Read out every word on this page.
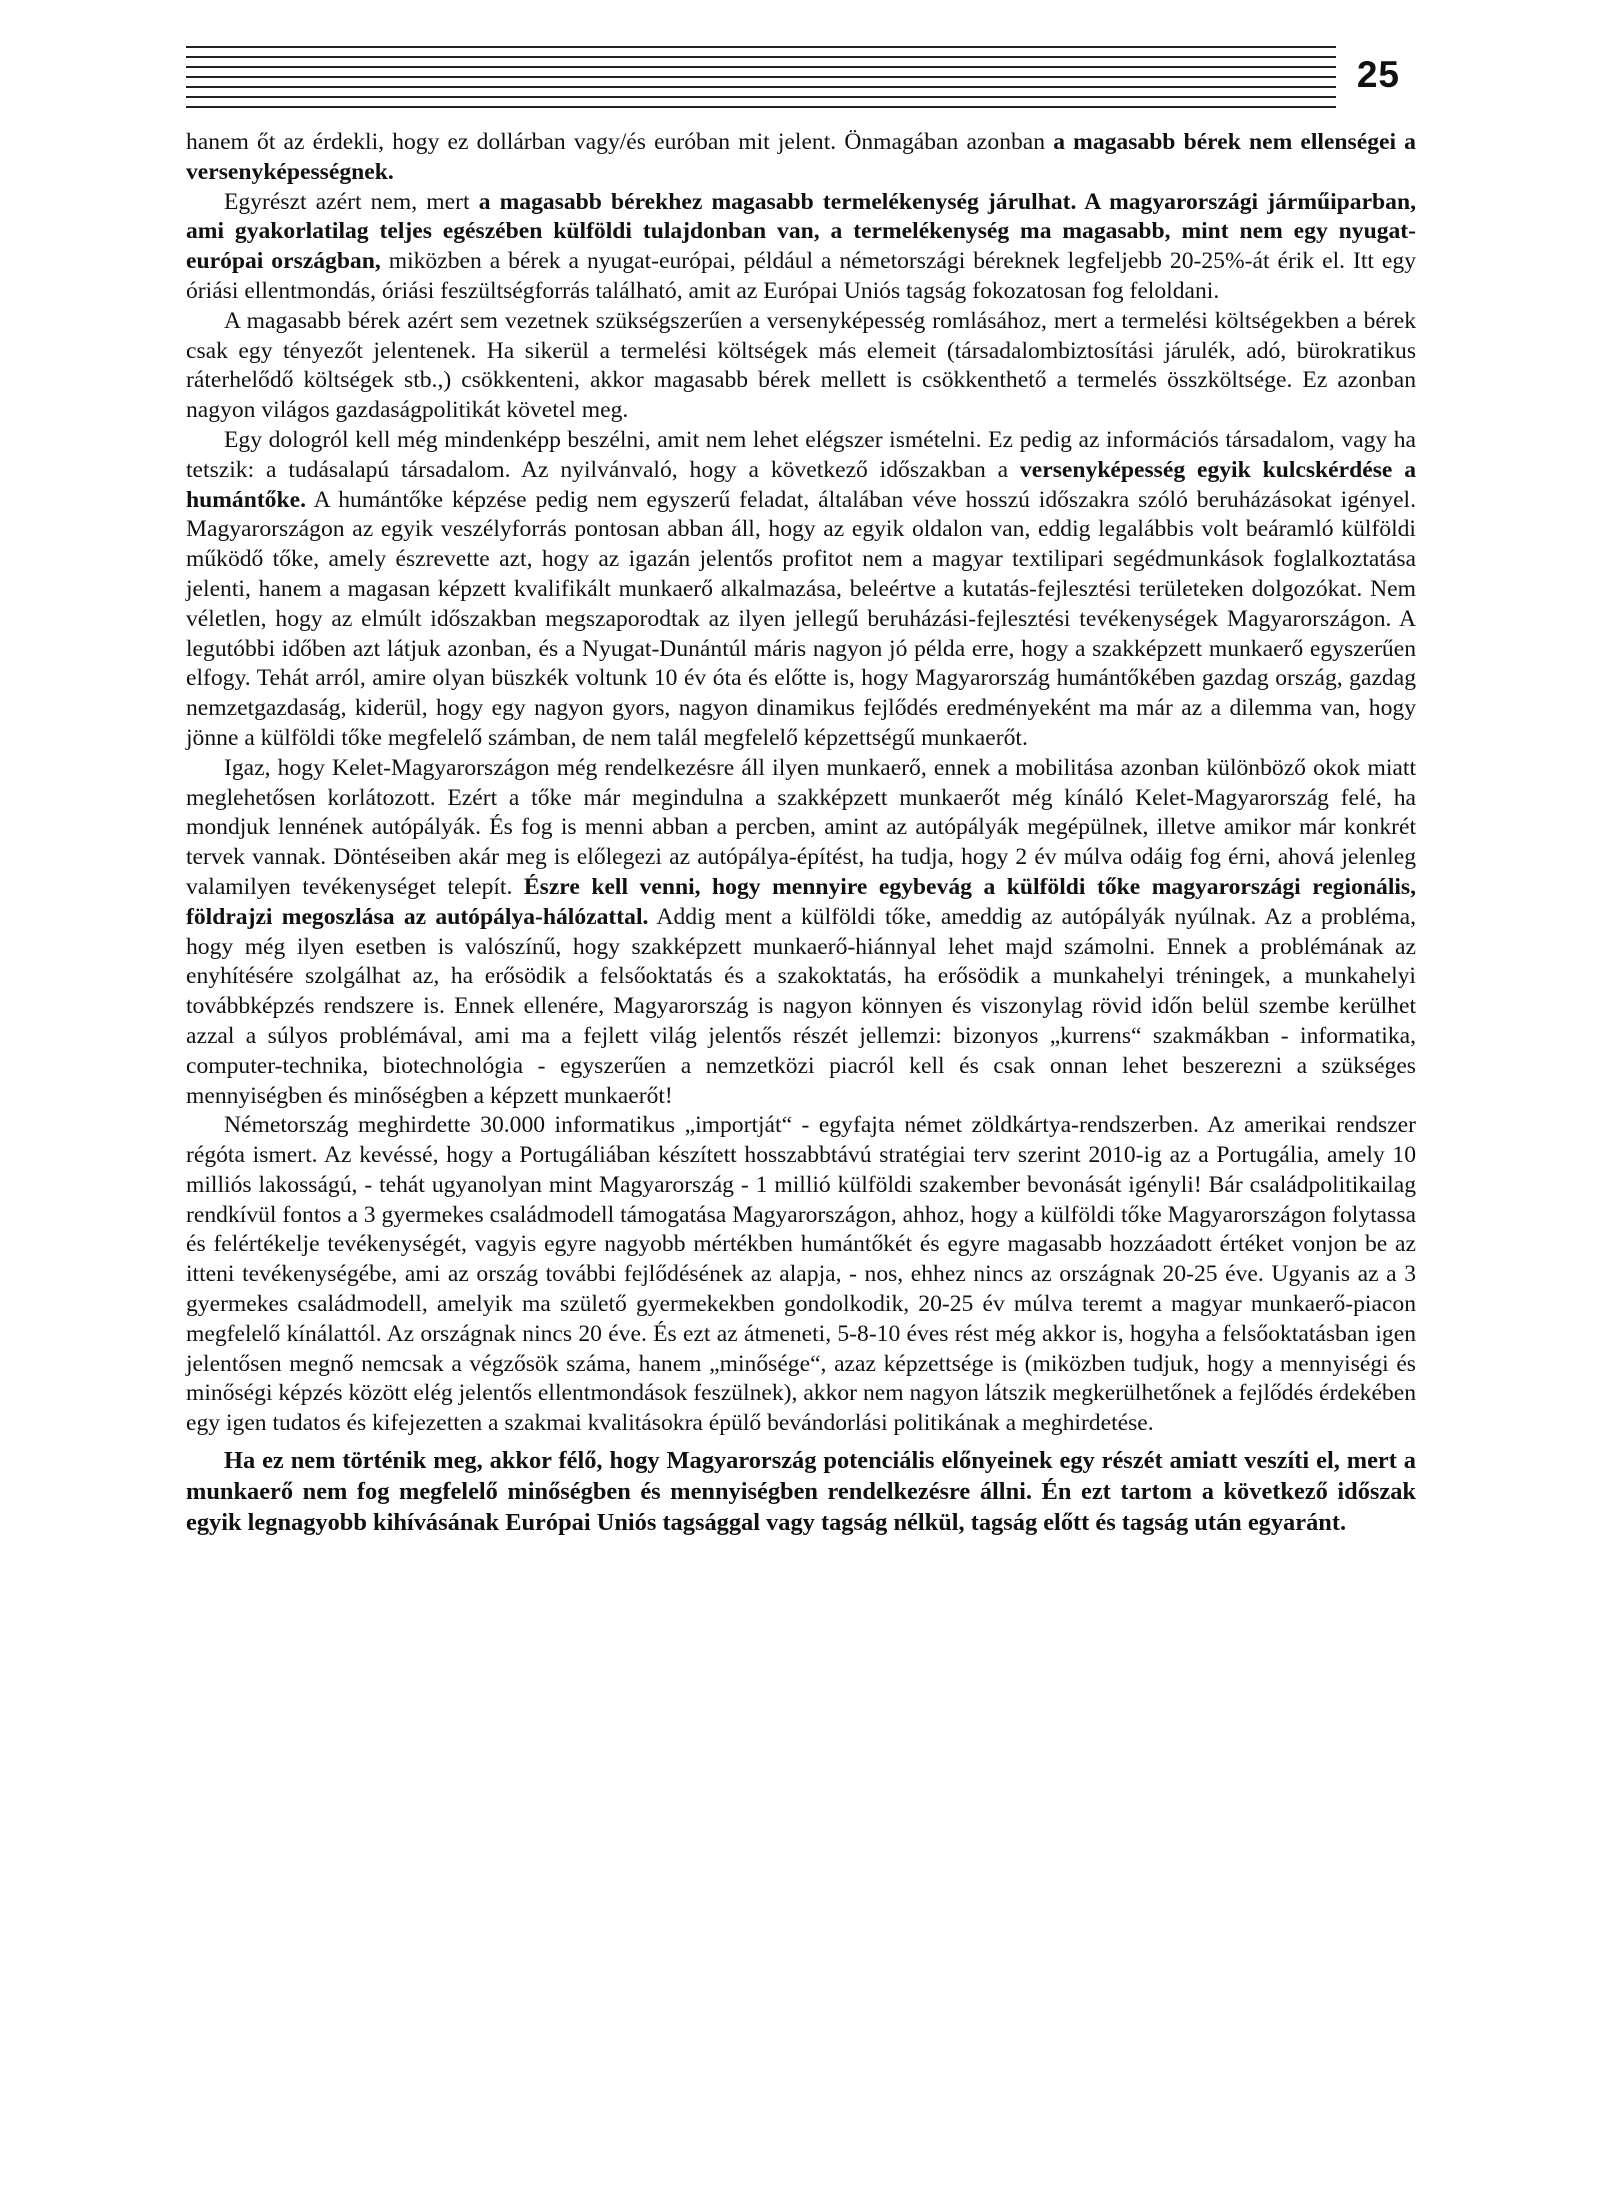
25

hanem őt az érdekli, hogy ez dollárban vagy/és euróban mit jelent. Önmagában azonban a magasabb bérek nem ellenségei a versenyképességnek.

Egyrészt azért nem, mert a magasabb bérekhez magasabb termelékenység járulhat. A magyarországi járműiparban, ami gyakorlatilag teljes egészében külföldi tulajdonban van, a termelékenység ma magasabb, mint nem egy nyugat-európai országban, miközben a bérek a nyugat-európai, például a németországi béreknek legfeljebb 20-25%-át érik el. Itt egy óriási ellentmondás, óriási feszültségforrás található, amit az Európai Uniós tagság fokozatosan fog feloldani.

A magasabb bérek azért sem vezetnek szükségszerűen a versenyképesség romlásához, mert a termelési költségekben a bérek csak egy tényezőt jelentenek. Ha sikerül a termelési költségek más elemeit (társadalombiztosítási járulék, adó, bürokratikus ráterhelődő költségek stb.,) csökkenteni, akkor magasabb bérek mellett is csökkenthető a termelés összköltsége. Ez azonban nagyon világos gazdaságpolitikát követel meg.

Egy dologról kell még mindenképp beszélni, amit nem lehet elégszer ismételni. Ez pedig az információs társadalom, vagy ha tetszik: a tudásalapú társadalom. Az nyilvánvaló, hogy a következő időszakban a versenyképesség egyik kulcskérdése a humántőke. A humántőke képzése pedig nem egyszerű feladat, általában véve hosszú időszakra szóló beruházásokat igényel. Magyarországon az egyik veszélyforrás pontosan abban áll, hogy az egyik oldalon van, eddig legalábbis volt beáramló külföldi működő tőke, amely észrevette azt, hogy az igazán jelentős profitot nem a magyar textilipari segédmunkások foglalkoztatása jelenti, hanem a magasan képzett kvalifikált munkaerő alkalmazása, beleértve a kutatás-fejlesztési területeken dolgozókat. Nem véletlen, hogy az elmúlt időszakban megszaporodtak az ilyen jellegű beruházási-fejlesztési tevékenységek Magyarországon. A legutóbbi időben azt látjuk azonban, és a Nyugat-Dunántúl máris nagyon jó példa erre, hogy a szakképzett munkaerő egyszerűen elfogy. Tehát arról, amire olyan büszkék voltunk 10 év óta és előtte is, hogy Magyarország humántőkében gazdag ország, gazdag nemzetgazdaság, kiderül, hogy egy nagyon gyors, nagyon dinamikus fejlődés eredményeként ma már az a dilemma van, hogy jönne a külföldi tőke megfelelő számban, de nem talál megfelelő képzettségű munkaerőt.

Igaz, hogy Kelet-Magyarországon még rendelkezésre áll ilyen munkaerő, ennek a mobilitása azonban különböző okok miatt meglehetősen korlátozott. Ezért a tőke már megindulna a szakképzett munkaerőt még kínáló Kelet-Magyarország felé, ha mondjuk lennének autópályák. És fog is menni abban a percben, amint az autópályák megépülnek, illetve amikor már konkrét tervek vannak. Döntéseiben akár meg is előlegezi az autópálya-építést, ha tudja, hogy 2 év múlva odáig fog érni, ahová jelenleg valamilyen tevékenységet telepít. Észre kell venni, hogy mennyire egybevág a külföldi tőke magyarországi regionális, földrajzi megoszlása az autópálya-hálózattal. Addig ment a külföldi tőke, ameddig az autópályák nyúlnak. Az a probléma, hogy még ilyen esetben is valószínű, hogy szakképzett munkaerő-hiánnyal lehet majd számolni. Ennek a problémának az enyhítésére szolgálhat az, ha erősödik a felsőoktatás és a szakoktatás, ha erősödik a munkahelyi tréningek, a munkahelyi továbbképzés rendszere is. Ennek ellenére, Magyarország is nagyon könnyen és viszonylag rövid időn belül szembe kerülhet azzal a súlyos problémával, ami ma a fejlett világ jelentős részét jellemzi: bizonyos „kurrens“ szakmákban - informatika, computer-technika, biotechnológia - egyszerűen a nemzetközi piacról kell és csak onnan lehet beszerezni a szükséges mennyiségben és minőségben a képzett munkaerőt!

Németország meghirdette 30.000 informatikus „importját“ - egyfajta német zöldkártya-rendszerben. Az amerikai rendszer régóta ismert. Az kevéssé, hogy a Portugáliában készített hosszabbtávú stratégiai terv szerint 2010-ig az a Portugália, amely 10 milliós lakosságú, - tehát ugyanolyan mint Magyarország - 1 millió külföldi szakember bevonását igényli! Bár családpolitikailag rendkívül fontos a 3 gyermekes családmodell támogatása Magyarországon, ahhoz, hogy a külföldi tőke Magyarországon folytassa és felértékelje tevékenységét, vagyis egyre nagyobb mértékben humántőkét és egyre magasabb hozzáadott értéket vonjon be az itteni tevékenységébe, ami az ország további fejlődésének az alapja, - nos, ehhez nincs az országnak 20-25 éve. Ugyanis az a 3 gyermekes családmodell, amelyik ma születő gyermekekben gondolkodik, 20-25 év múlva teremt a magyar munkaerő-piacon megfelelő kínálattól. Az országnak nincs 20 éve. És ezt az átmeneti, 5-8-10 éves rést még akkor is, hogyha a felsőoktatásban igen jelentősen megnő nemcsak a végzősök száma, hanem „minősége“, azaz képzettsége is (miközben tudjuk, hogy a mennyiségi és minőségi képzés között elég jelentős ellentmondások feszülnek), akkor nem nagyon látszik megkerülhetőnek a fejlődés érdekében egy igen tudatos és kifejezetten a szakmai kvalitásokra épülő bevándorlási politikának a meghirdetése.

Ha ez nem történik meg, akkor félő, hogy Magyarország potenciális előnyeinek egy részét amiatt veszíti el, mert a munkaerő nem fog megfelelő minőségben és mennyiségben rendelkezésre állni. Én ezt tartom a következő időszak egyik legnagyobb kihívásának Európai Uniós tagsággal vagy tagság nélkül, tagság előtt és tagság után egyaránt.
